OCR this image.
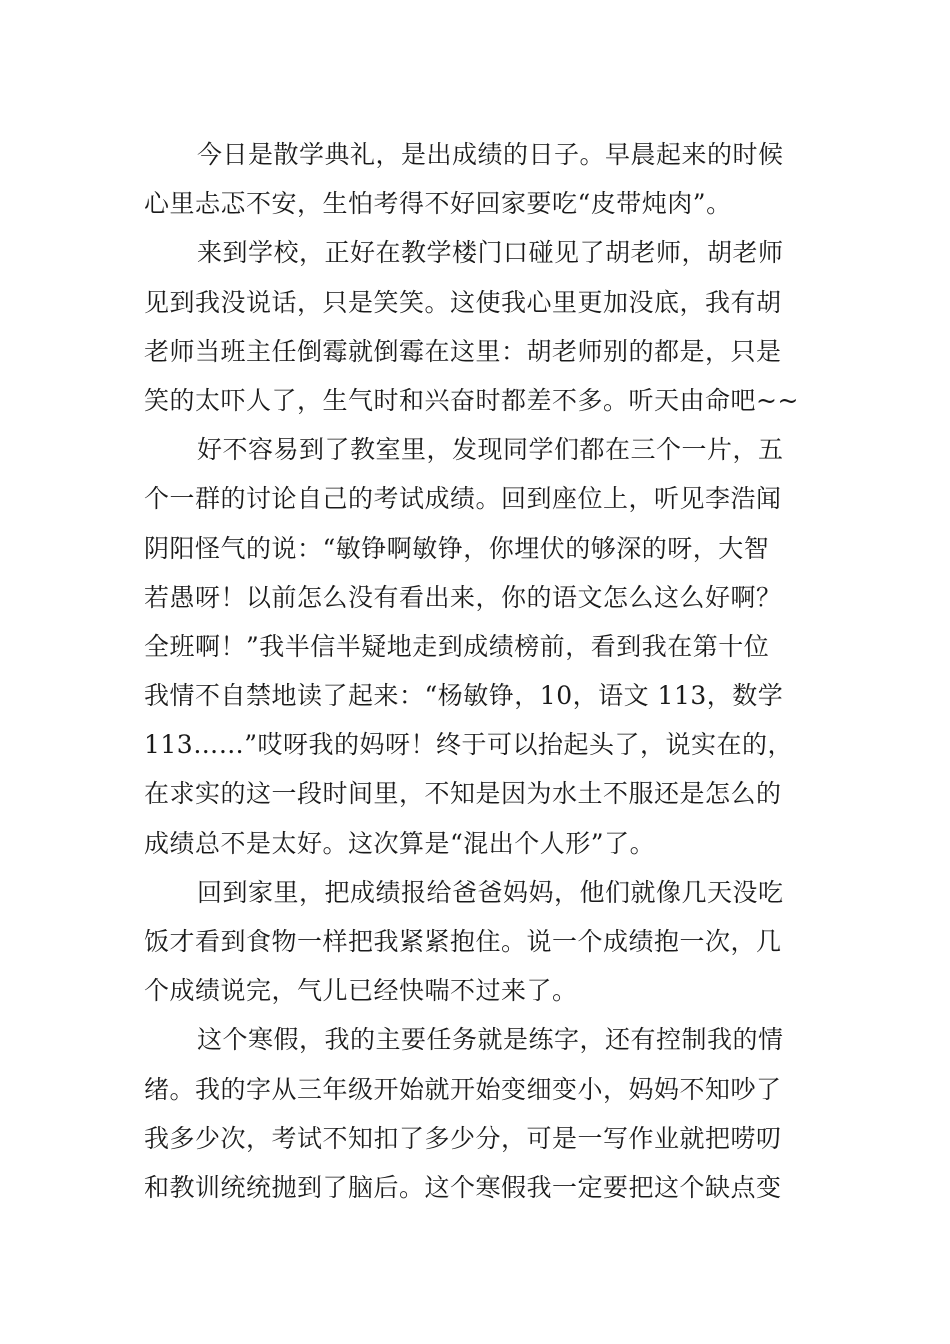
今日是散学典礼，是出成绩的日子。早晨起来的时候
心里忐忑不安，生怕考得不好回家要吃“皮带炖肉”。
来到学校，正好在教学楼门口碰见了胡老师，胡老师
见到我没说话，只是笑笑。这使我心里更加没底，我有胡
老师当班主任倒霉就倒霉在这里：胡老师别的都是，只是
笑的太吓人了，生气时和兴奋时都差不多。听天由命吧~~
好不容易到了教室里，发现同学们都在三个一片，五
个一群的讨论自己的考试成绩。回到座位上，听见李浩闻
阴阳怪气的说：“敏铮啊敏铮，你埋伏的够深的呀，大智
若愚呀！以前怎么没有看出来，你的语文怎么这么好啊？
全班啊！”我半信半疑地走到成绩榜前，看到我在第十位
我情不自禁地读了起来：“杨敏铮，10，语文 113，数学
113……”哎呀我的妈呀！终于可以抬起头了，说实在的，
在求实的这一段时间里，不知是因为水土不服还是怎么的
成绩总不是太好。这次算是“混出个人形”了。
回到家里，把成绩报给爸爸妈妈，他们就像几天没吃
饭才看到食物一样把我紧紧抱住。说一个成绩抱一次，几
个成绩说完，气儿已经快喘不过来了。
这个寒假，我的主要任务就是练字，还有控制我的情
绪。我的字从三年级开始就开始变细变小，妈妈不知吵了
我多少次，考试不知扣了多少分，可是一写作业就把唠叨
和教训统统抛到了脑后。这个寒假我一定要把这个缺点变
